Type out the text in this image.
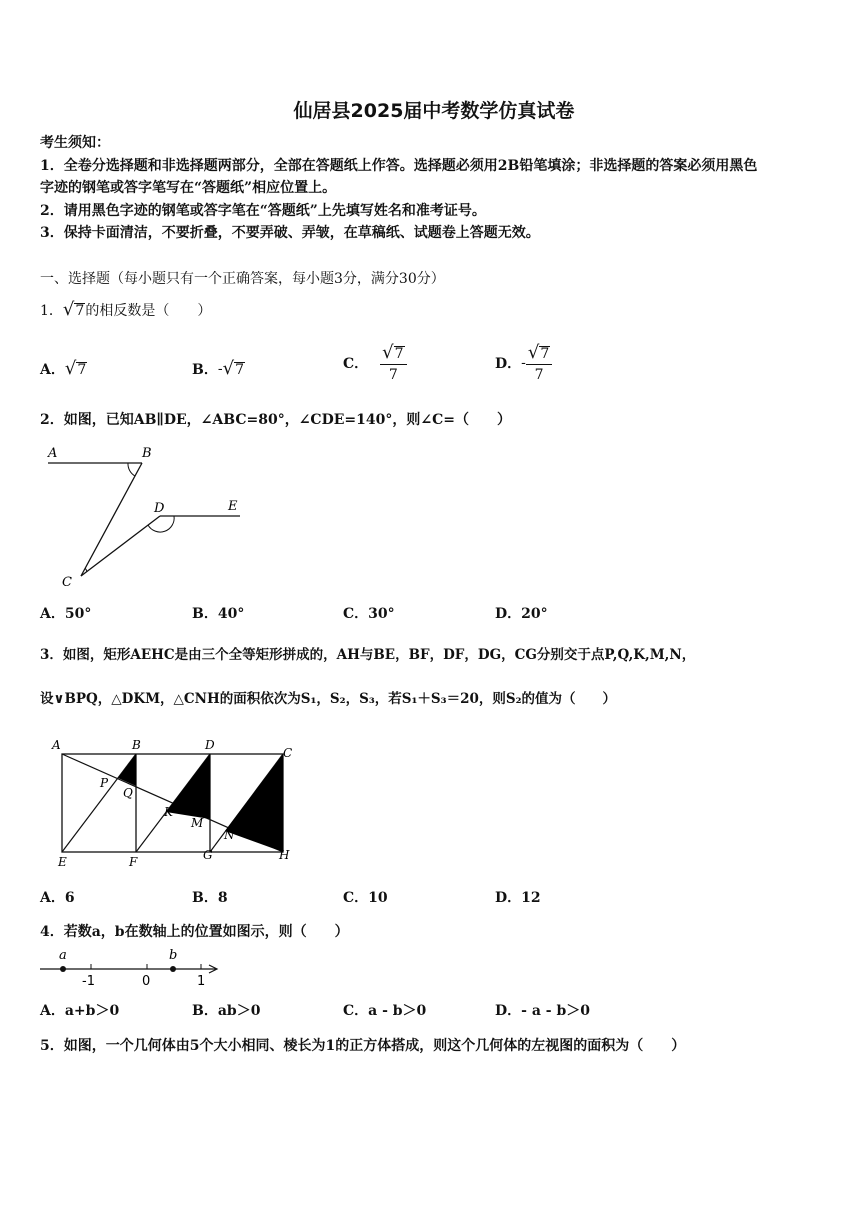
仙居县2025届中考数学仿真试卷
考生须知：
1．全卷分选择题和非选择题两部分，全部在答题纸上作答。选择题必须用2B铅笔填涂；非选择题的答案必须用黑色
字迹的钢笔或答字笔写在“答题纸”相应位置上。
2．请用黑色字迹的钢笔或答字笔在“答题纸”上先填写姓名和准考证号。
3．保持卡面清洁，不要折叠，不要弄破、弄皱，在草稿纸、试题卷上答题无效。
一、选择题（每小题只有一个正确答案，每小题3分，满分30分）
1． √ 7 的相反数是（　　）
A． √ 7	B． - √ 7	C． $\frac{√ 7}{7}$	D． - $\frac{√ 7}{7}$
2．如图，已知AB∥DE，∠ABC=80°，∠CDE=140°，则∠C=（　　）
A	B
D	E
C
A．50°	B．40°	C．30°	D．20°
3．如图，矩形AEHC是由三个全等矩形拼成的，AH与BE，BF，DF，DG，CG分别交于点P,Q,K,M,N，
设∨BPQ，△DKM，△CNH的面积依次为S₁，S₂，S₃，若S₁＋S₃＝20，则S₂的值为（　　）
A	B	D
C
P
Q
K
M
N
E	F	G	H
A．6	B．8	C．10	D．12
4．若数a，b在数轴上的位置如图示，则（　　）
a	b
-1	0	1
A．a+b＞0	B．ab＞0	C．a - b＞0	D．- a - b＞0
5．如图，一个几何体由5个大小相同、棱长为1的正方体搭成，则这个几何体的左视图的面积为（　　）
